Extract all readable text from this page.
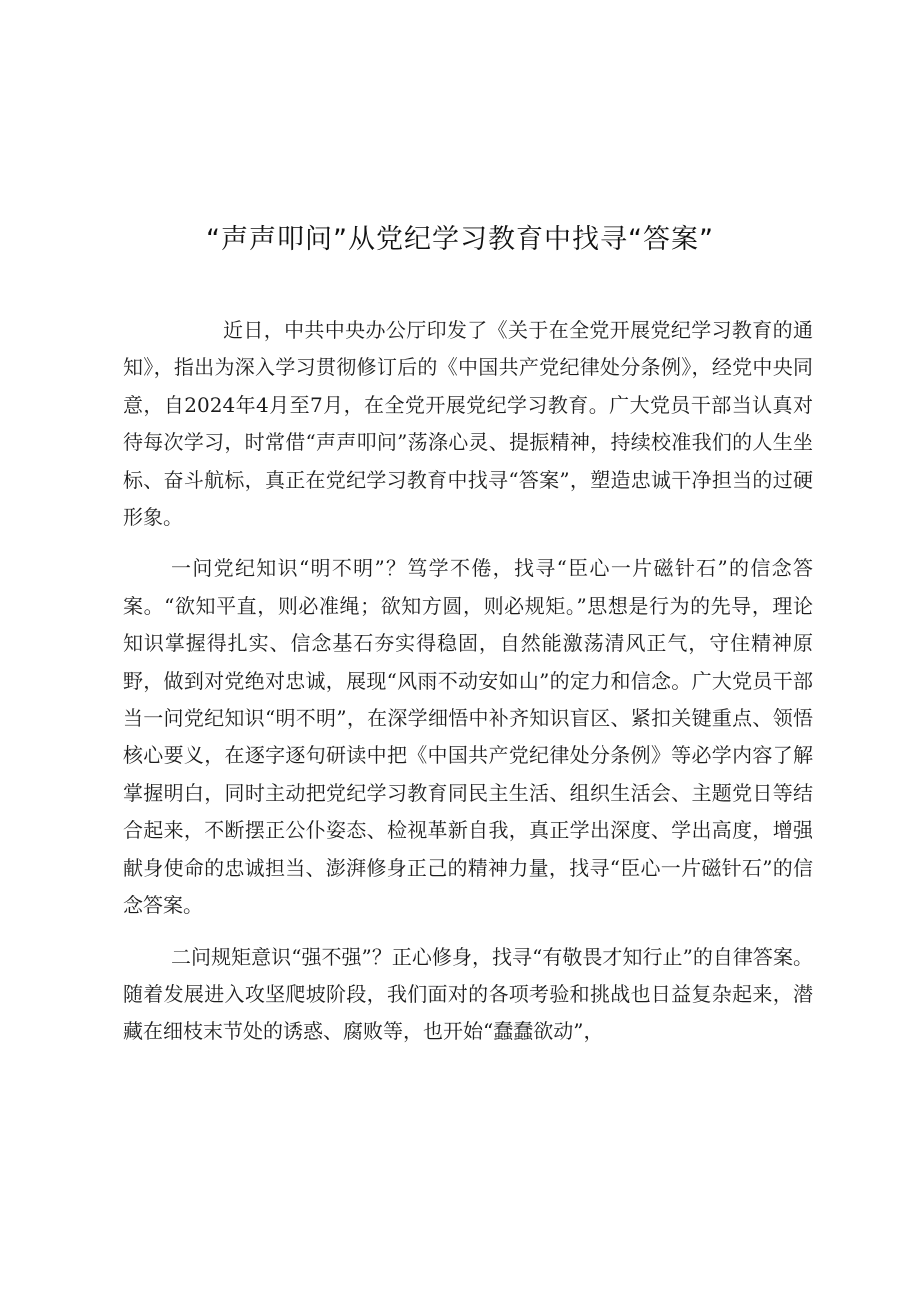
“声声叩问”从党纪学习教育中找寻“答案”

近日，中共中央办公厅印发了《关于在全党开展党纪学习教育的通知》，指出为深入学习贯彻修订后的《中国共产党纪律处分条例》，经党中央同意，自2024年4月至7月，在全党开展党纪学习教育。广大党员干部当认真对待每次学习，时常借“声声叩问”荡涤心灵、提振精神，持续校准我们的人生坐标、奋斗航标，真正在党纪学习教育中找寻“答案”，塑造忠诚干净担当的过硬形象。

一问党纪知识“明不明”？笃学不倦，找寻“臣心一片磁针石”的信念答案。“欲知平直，则必准绳；欲知方圆，则必规矩。”思想是行为的先导，理论知识掌握得扎实、信念基石夯实得稳固，自然能激荡清风正气，守住精神原野，做到对党绝对忠诚，展现“风雨不动安如山”的定力和信念。广大党员干部当一问党纪知识“明不明”，在深学细悟中补齐知识盲区、紧扣关键重点、领悟核心要义，在逐字逐句研读中把《中国共产党纪律处分条例》等必学内容了解掌握明白，同时主动把党纪学习教育同民主生活、组织生活会、主题党日等结合起来，不断摆正公仆姿态、检视革新自我，真正学出深度、学出高度，增强献身使命的忠诚担当、澎湃修身正己的精神力量，找寻“臣心一片磁针石”的信念答案。

二问规矩意识“强不强”？正心修身，找寻“有敬畏才知行止”的自律答案。随着发展进入攻坚爬坡阶段，我们面对的各项考验和挑战也日益复杂起来，潜藏在细枝末节处的诱惑、腐败等，也开始“蠢蠢欲动”，
